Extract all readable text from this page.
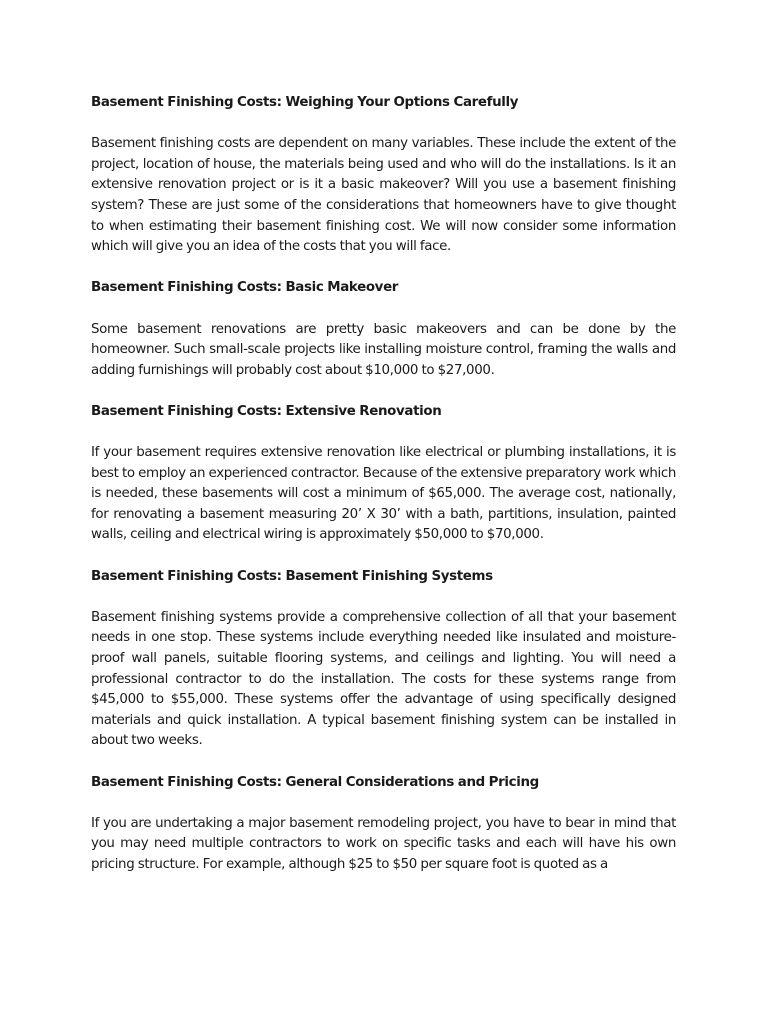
Basement Finishing Costs: Weighing Your Options Carefully

Basement finishing costs are dependent on many variables. These include the extent of the project, location of house, the materials being used and who will do the installations. Is it an extensive renovation project or is it a basic makeover? Will you use a basement finishing system? These are just some of the considerations that homeowners have to give thought to when estimating their basement finishing cost. We will now consider some information which will give you an idea of the costs that you will face.

Basement Finishing Costs: Basic Makeover

Some basement renovations are pretty basic makeovers and can be done by the homeowner. Such small-scale projects like installing moisture control, framing the walls and adding furnishings will probably cost about $10,000 to $27,000.

Basement Finishing Costs: Extensive Renovation

If your basement requires extensive renovation like electrical or plumbing installations, it is best to employ an experienced contractor. Because of the extensive preparatory work which is needed, these basements will cost a minimum of $65,000. The average cost, nationally, for renovating a basement measuring 20’ X 30’ with a bath, partitions, insulation, painted walls, ceiling and electrical wiring is approximately $50,000 to $70,000.

Basement Finishing Costs: Basement Finishing Systems

Basement finishing systems provide a comprehensive collection of all that your basement needs in one stop. These systems include everything needed like insulated and moisture-proof wall panels, suitable flooring systems, and ceilings and lighting. You will need a professional contractor to do the installation. The costs for these systems range from $45,000 to $55,000. These systems offer the advantage of using specifically designed materials and quick installation. A typical basement finishing system can be installed in about two weeks.

Basement Finishing Costs: General Considerations and Pricing

If you are undertaking a major basement remodeling project, you have to bear in mind that you may need multiple contractors to work on specific tasks and each will have his own pricing structure. For example, although $25 to $50 per square foot is quoted as a
